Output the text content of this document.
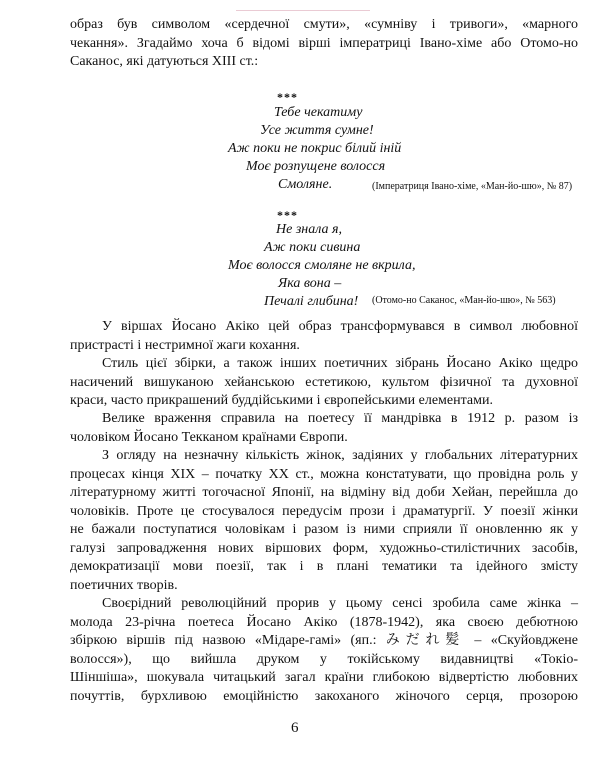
образ був символом «сердечної смути», «сумніву і тривоги», «марного
чекання». Згадаймо хоча б відомі вірші імператриці Івано-хіме або Отомо-но
Саканос, які датуються XIII ст.:
***
Тебе чекатиму
Усе життя сумне!
Аж поки не покрис білий іній
Моє розпущене волосся
Смоляне.	(Імператриця Івано-хіме, «Ман-йо-шю», № 87)
***
Не знала я,
Аж поки сивина
Моє волосся смоляне не вкрила,
Яка вона –
Печалі глибина!	(Отомо-но Саканос, «Ман-йо-шю», № 563)
У віршах Йосано Акіко цей образ трансформувався в символ любовної
пристрасті і нестримної жаги кохання.
Стиль цієї збірки, а також інших поетичних зібрань Йосано Акіко щедро
насичений вишуканою хейанською естетикою, культом фізичної та духовної
краси, часто прикрашений буддійськими і європейськими елементами.
Велике враження справила на поетесу її мандрівка в 1912 р. разом із
чоловіком Йосано Текканом країнами Європи.
З огляду на незначну кількість жінок, задіяних у глобальних літературних
процесах кінця XIX – початку XX ст., можна констатувати, що провідна роль у
літературному житті тогочасної Японії, на відміну від доби Хейан, перейшла до
чоловіків. Проте це стосувалося передусім прози і драматургії. У поезії жінки
не бажали поступатися чоловікам і разом із ними сприяли її оновленню як у
галузі запровадження нових віршових форм, художньо-стилістичних засобів,
демократизації мови поезії, так і в плані тематики та ідейного змісту
поетичних творів.
Своєрідний революційний прорив у цьому сенсі зробила саме жінка –
молода 23-річна поетеса Йосано Акіко (1878-1942), яка своєю дебютною
збіркою віршів під назвою «Мідаре-гамі» (яп.: みだれ髪 – «Скуйовджене
волосся»), що вийшла друком у токійському видавництві «Токіо-
Шіншіша», шокувала читацький загал країни глибокою відвертістю любовних
почуттів, бурхливою емоційністю закоханого жіночого серця, прозорою
6
